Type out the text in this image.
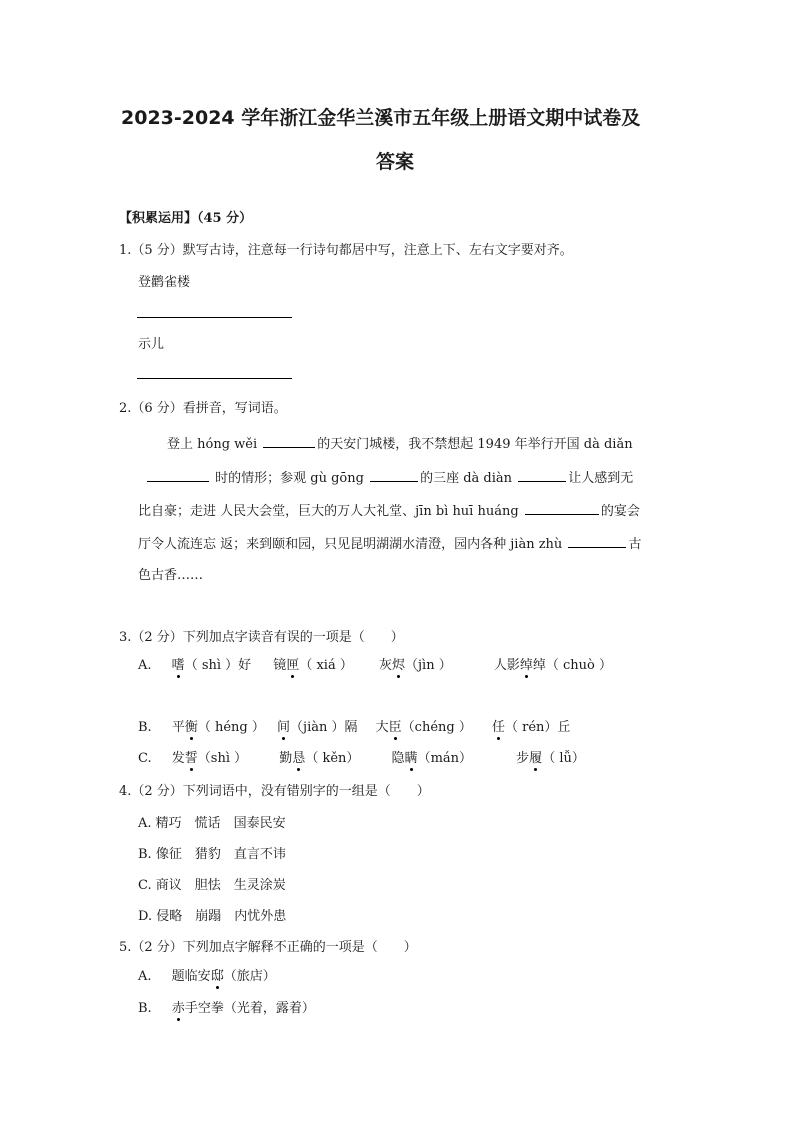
2023-2024 学年浙江金华兰溪市五年级上册语文期中试卷及
答案
【积累运用】（45 分）
1.（5 分）默写古诗，注意每一行诗句都居中写，注意上下、左右文字要对齐。
登鹳雀楼
示儿
2.（6 分）看拼音，写词语。
登上 hóng wěi	的天安门城楼，我不禁想起 1949 年举行开国 dà diǎn
时的情形；参观 gù gōng	的三座 dà diàn	让人感到无
比自豪；走进 人民大会堂，巨大的万人大礼堂、jīn bì huī huáng	的宴会
厅令人流连忘 返；来到颐和园，只见昆明湖湖水清澄，园内各种 jiàn zhù	古
色古香……
3.（2 分）下列加点字读音有误的一项是（　　）
A. 嗜（ shì ）好 镜匣（ xiá ） 灰烬（jìn ）	人影绰绰（ chuò ）
B. 平衡（ héng ） 间（jiàn ）隔 大臣（chéng ） 任（ rén）丘
C. 发誓（shì ） 勤恳（ kěn） 隐瞒（mán）	步履（ lǚ）
4.（2 分）下列词语中，没有错别字的一组是（　　）
A. 精巧　慌话　国泰民安
B. 像征　猎豹　直言不讳
C. 商议　胆怯　生灵涂炭
D. 侵略　崩蹋　内忧外患
5.（2 分）下列加点字解释不正确的一项是（　　）
A. 题临安邸（旅店）
B. 赤手空拳（光着，露着）
